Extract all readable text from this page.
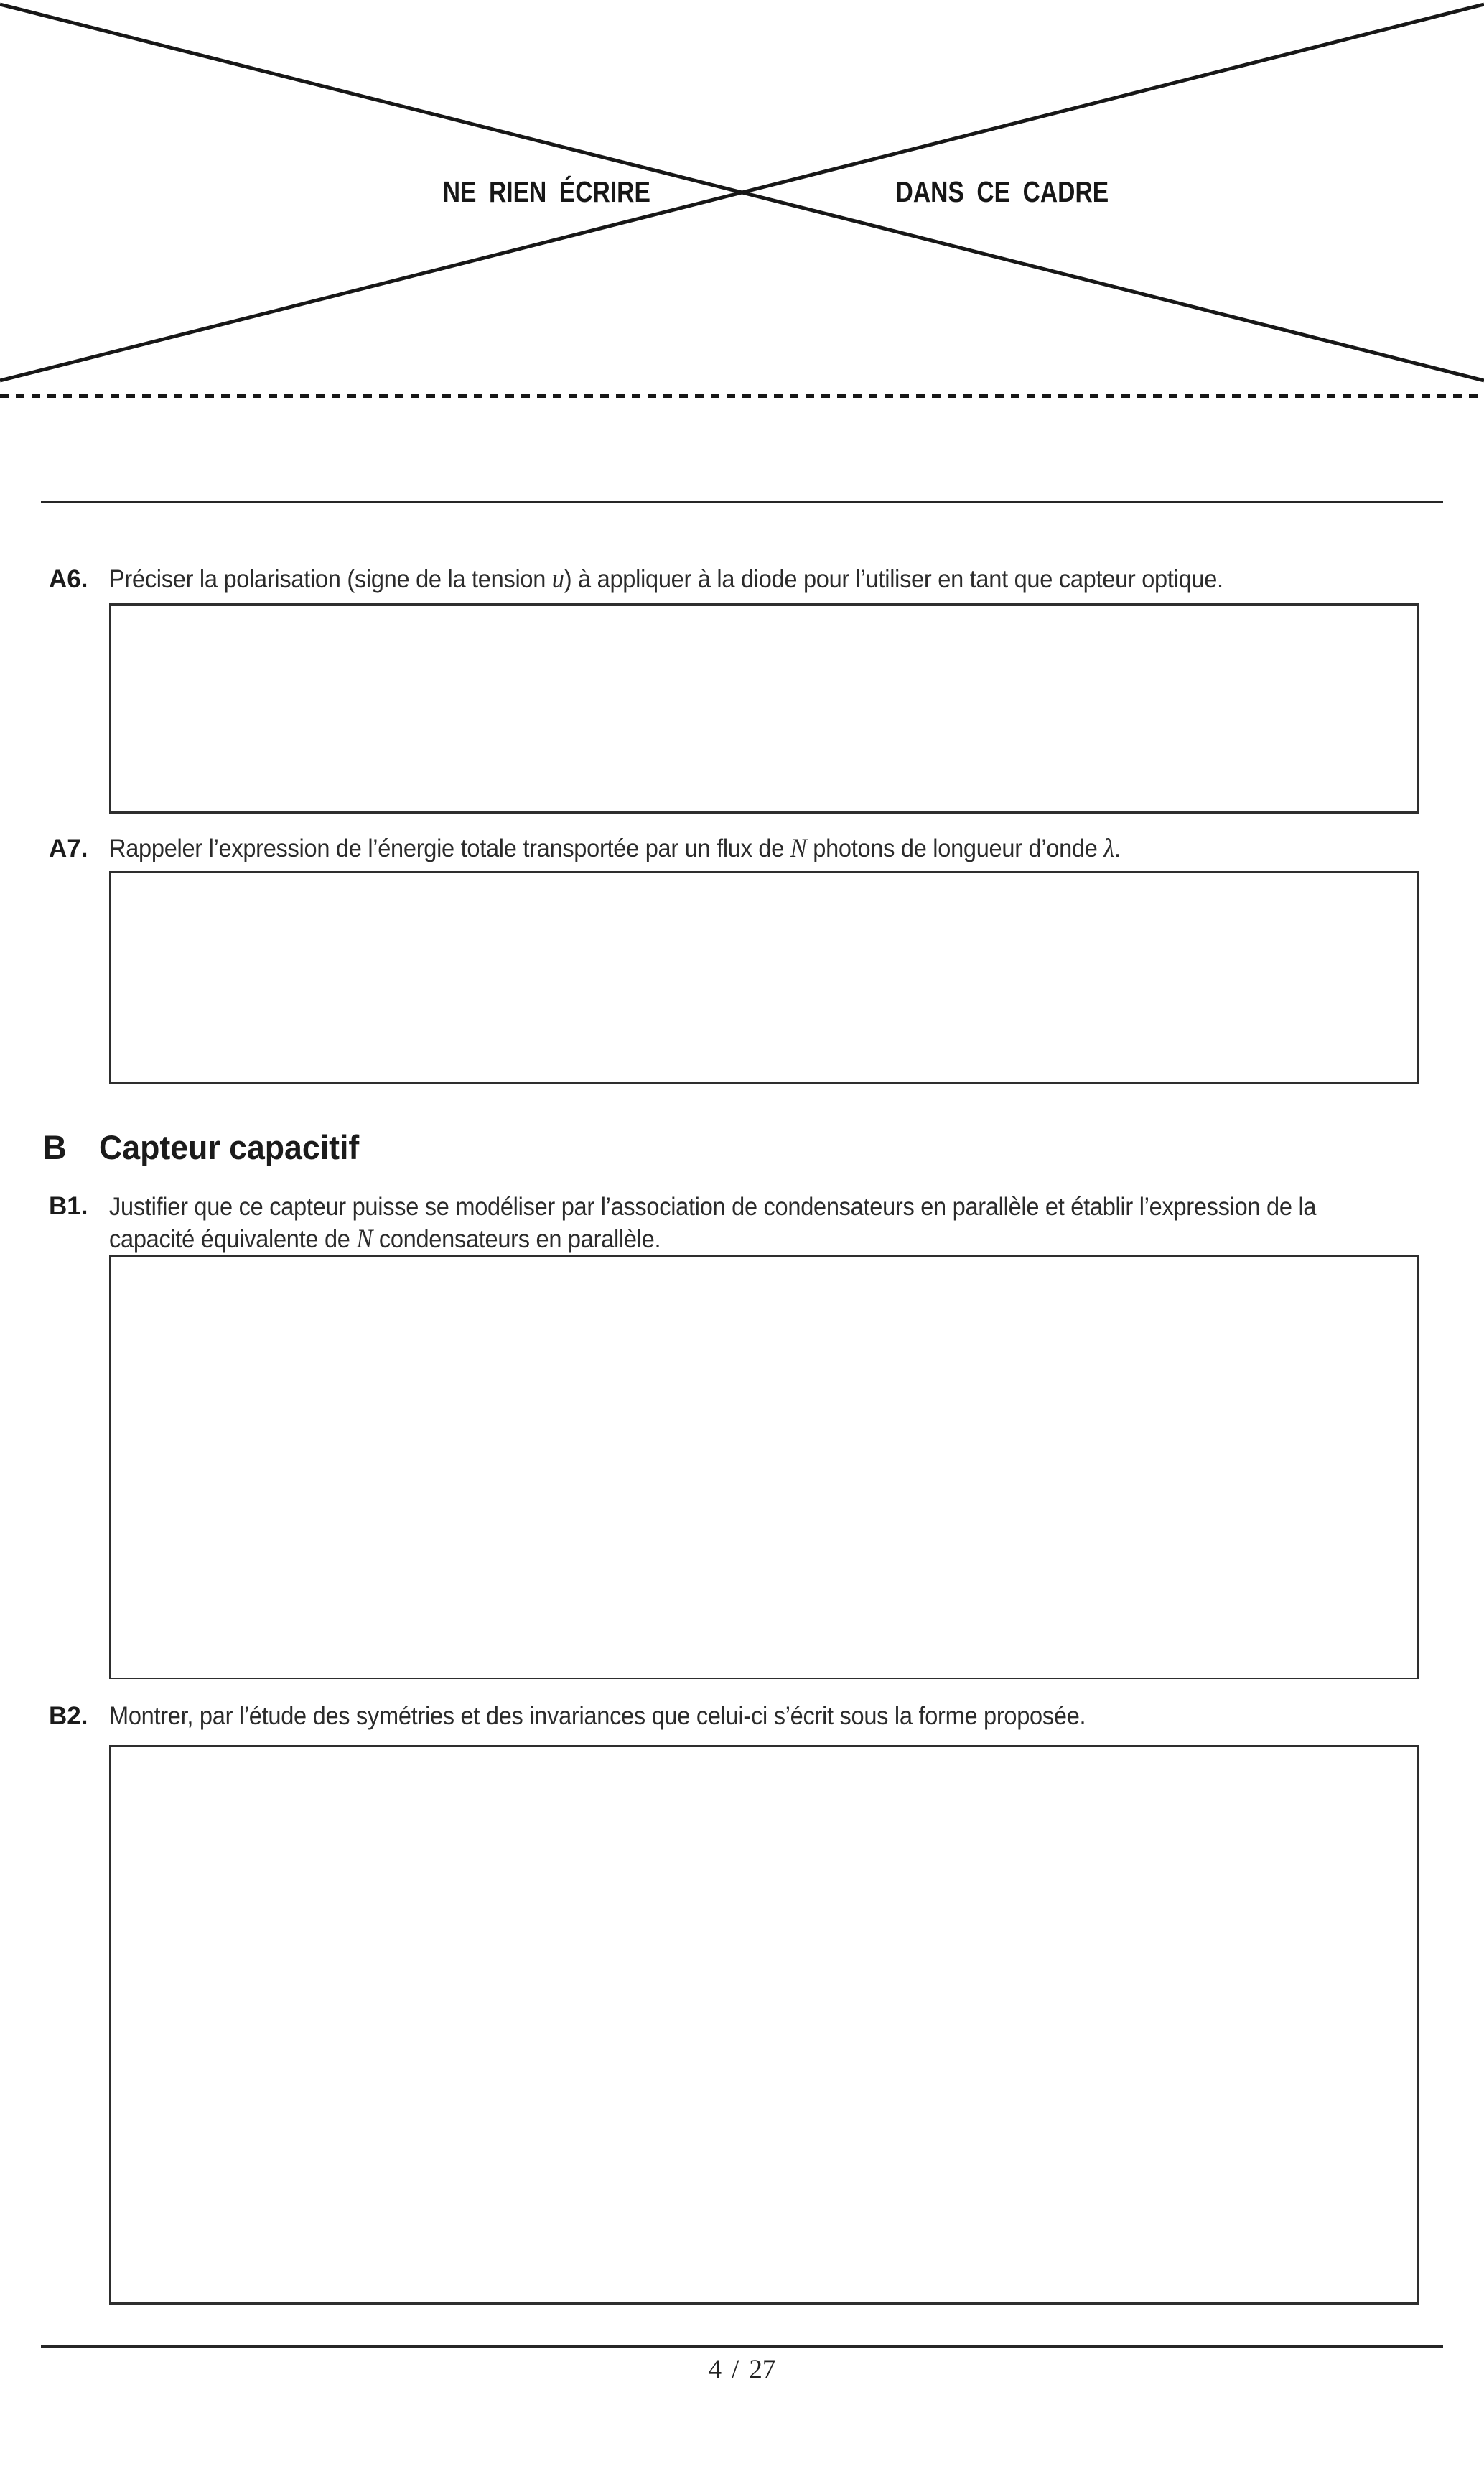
NE RIEN ÉCRIRE	DANS CE CADRE
A6. Préciser la polarisation (signe de la tension u) à appliquer à la diode pour l’utiliser en tant que capteur optique.
A7. Rappeler l’expression de l’énergie totale transportée par un flux de N photons de longueur d’onde λ.
B Capteur capacitif
B1. Justifier que ce capteur puisse se modéliser par l’association de condensateurs en parallèle et établir l’expression de la
capacité équivalente de N condensateurs en parallèle.
B2. Montrer, par l’étude des symétries et des invariances que celui-ci s’écrit sous la forme proposée.
4 / 27
